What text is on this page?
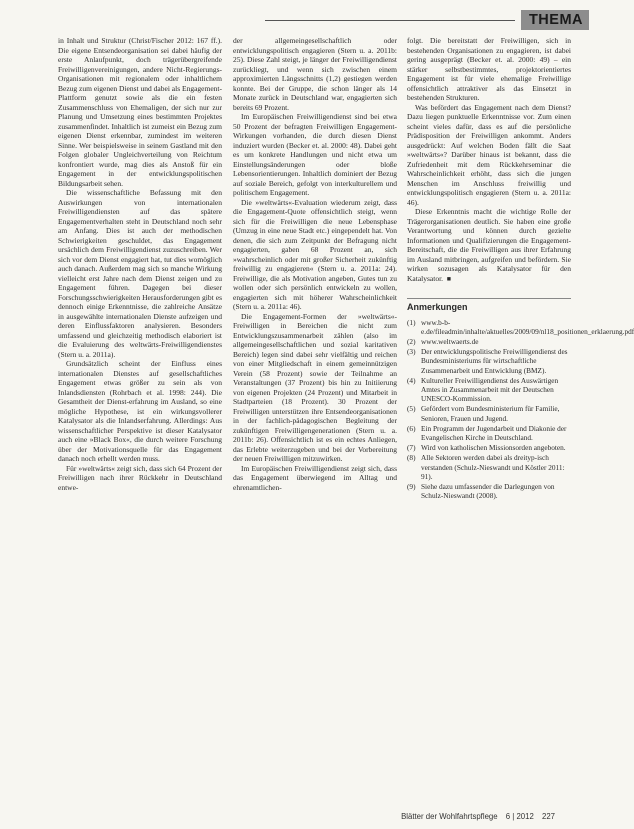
THEMA

in Inhalt und Struktur (Christ/Fischer 2012: 167 ff.). Die eigene Entsendeorganisation sei dabei häufig der erste Anlaufpunkt, doch trägerübergreifende Freiwilligenvereinigungen, andere Nicht-Regierungs-Organisationen mit regionalem oder inhaltlichem Bezug zum eigenen Dienst und dabei als Engagement-Plattform genutzt sowie als die ein festen Zusammenschluss von Ehemaligen, der sich nur zur Planung und Umsetzung eines bestimmten Projektes zusammenfindet. Inhaltlich ist zumeist ein Bezug zum eigenen Dienst erkennbar, zumindest im weiteren Sinne. Wer beispielsweise in seinem Gastland mit den Folgen globaler Ungleichverteilung von Reichtum konfrontiert wurde, mag dies als Anstoß für ein Engagement in der entwicklungspolitischen Bildungsarbeit sehen.

Die wissenschaftliche Befassung mit den Auswirkungen von internationalen Freiwilligendiensten auf das spätere Engagementverhalten steht in Deutschland noch sehr am Anfang. Dies ist auch der methodischen Schwierigkeiten geschuldet, das Engagement ursächlich dem Freiwilligendienst zuzuschreiben. Wer sich vor dem Dienst engagiert hat, tut dies womöglich auch danach. Außerdem mag sich so manche Wirkung vielleicht erst Jahre nach dem Dienst zeigen und zu Engagement führen. Dagegen bei dieser Forschungsschwierigkeiten Herausforderungen gibt es dennoch einige Erkenntnisse, die zahlreiche Ansätze in ausgewählte internationalen Dienste aufzeigen und deren Einflussfaktoren analysieren. Besonders umfassend und gleichzeitig methodisch elaboriert ist die Evaluierung des weltwärts-Freiwilligendienstes (Stern u. a. 2011a).

Grundsätzlich scheint der Einfluss eines internationalen Dienstes auf gesellschaftliches Engagement etwas größer zu sein als von Inlandsdiensten (Rohrbach et al. 1998: 244). Die Gesamtheit der Dienst-erfahrung im Ausland, so eine mögliche Hypothese, ist ein wirkungsvollerer Katalysator als die Inlandserfahrung. Allerdings: Aus wissenschaftlicher Perspektive ist dieser Katalysator auch eine »Black Box«, die durch weitere Forschung über der Motivationsquelle für das Engagement danach noch erhellt werden muss.

Für »weltwärts« zeigt sich, dass sich 64 Prozent der Freiwilligen nach ihrer Rückkehr in Deutschland entwe-

der allgemeingesellschaftlich oder entwicklungspolitisch engagieren (Stern u. a. 2011b: 25). Diese Zahl steigt, je länger der Freiwilligendienst zurückliegt, und wenn sich zwischen einem approximierten Längsschnitts (1,2) gestiegen werden konnte. Bei der Gruppe, die schon länger als 14 Monate zurück in Deutschland war, engagierten sich bereits 69 Prozent.

Im Europäischen Freiwilligendienst sind bei etwa 50 Prozent der befragten Freiwilligen Engagement-Wirkungen vorhanden, die durch diesen Dienst induziert wurden (Becker et. al. 2000: 48). Dabei geht es um konkrete Handlungen und nicht etwa um Einstellungsänderungen oder bloße Lebensorientierungen. Inhaltlich dominiert der Bezug auf soziale Bereich, gefolgt von interkulturellem und politischem Engagement.

Die »weltwärts«-Evaluation wiederum zeigt, dass die Engagement-Quote offensichtlich steigt, wenn sich für die Freiwilligen die neue Lebensphase (Umzug in eine neue Stadt etc.) eingependelt hat. Von denen, die sich zum Zeitpunkt der Befragung nicht engagierten, gaben 68 Prozent an, sich »wahrscheinlich oder mit großer Sicherheit zukünftig freiwillig zu engagieren« (Stern u. a. 2011a: 24). Freiwillige, die als Motivation angeben, Gutes tun zu wollen oder sich persönlich entwickeln zu wollen, engagierten sich mit höherer Wahrscheinlichkeit (Stern u. a. 2011a: 46).

Die Engagement-Formen der »weltwärts«-Freiwilligen in Bereichen die nicht zum Entwicklungszusammenarbeit zählen (also im allgemeingesellschaftlichen und sozial karitativen Bereich) legen sind dabei sehr vielfältig und reichen von einer Mitgliedschaft in einem gemeinnützigen Verein (58 Prozent) sowie der Teilnahme an Veranstaltungen (37 Prozent) bis hin zu Initiierung von eigenen Projekten (24 Prozent) und Mitarbeit in Stadtparteien (18 Prozent). 30 Prozent der Freiwilligen unterstützen ihre Entsendeorganisationen in der fachlich-pädagogischen Begleitung der zukünftigen Freiwilligengenerationen (Stern u. a. 2011b: 26). Offensichtlich ist es ein echtes Anliegen, das Erlebte weiterzugeben und bei der Vorbereitung der neuen Freiwilligen mitzuwirken.

Im Europäischen Freiwilligendienst zeigt sich, dass das Engagement überwiegend im Alltag und ehrenamtlichen-

folgt. Die bereitstatt der Freiwilligen, sich in bestehenden Organisationen zu engagieren, ist dabei gering ausgeprägt (Becker et. al. 2000: 49) – ein stärker selbstbestimmtes, projektorientiertes Engagement ist für viele ehemalige Freiwillige offensichtlich attraktiver als das Einsetzt in bestehenden Strukturen.

Was befördert das Engagement nach dem Dienst? Dazu liegen punktuelle Erkenntnisse vor. Zum einen scheint vieles dafür, dass es auf die persönliche Prädisposition der Freiwilligen ankommt. Anders ausgedrückt: Auf welchen Boden fällt die Saat »weltwärts«? Darüber hinaus ist bekannt, dass die Zufriedenheit mit dem Rückkehrseminar die Wahrscheinlichkeit erhöht, dass sich die jungen Menschen im Anschluss freiwillig und entwicklungspolitisch engagieren (Stern u. a. 2011a: 46).

Diese Erkenntnis macht die wichtige Rolle der Trägerorganisationen deutlich. Sie haben eine große Verantwortung und können durch gezielte Informationen und Qualifizierungen die Engagement-Bereitschaft, die die Freiwilligen aus ihrer Erfahrung im Ausland mitbringen, aufgreifen und befördern. Sie wirken sozusagen als Katalysator für den Katalysator. ■

Anmerkungen
(1) www.b-b-e.de/fileadmin/inhalte/aktuelles/2009/09/nl18_positionen_erklaerung.pdf
(2) www.weltwaerts.de
(3) Der entwicklungspolitische Freiwilligendienst des Bundesministeriums für wirtschaftliche Zusammenarbeit und Entwicklung (BMZ).
(4) Kultureller Freiwilligendienst des Auswärtigen Amtes in Zusammenarbeit mit der Deutschen UNESCO-Kommission.
(5) Gefördert vom Bundesministerium für Familie, Senioren, Frauen und Jugend.
(6) Ein Programm der Jugendarbeit und Diakonie der Evangelischen Kirche in Deutschland.
(7) Wird von katholischen Missionsorden angeboten.
(8) Alle Sektoren werden dabei als dreityp-isch verstanden (Schulz-Nieswandt und Köstler 2011: 91).
(9) Siehe dazu umfassender die Darlegungen von Schulz-Nieswandt (2008).
Blätter der Wohlfahrtspflege 6 | 2012 227
